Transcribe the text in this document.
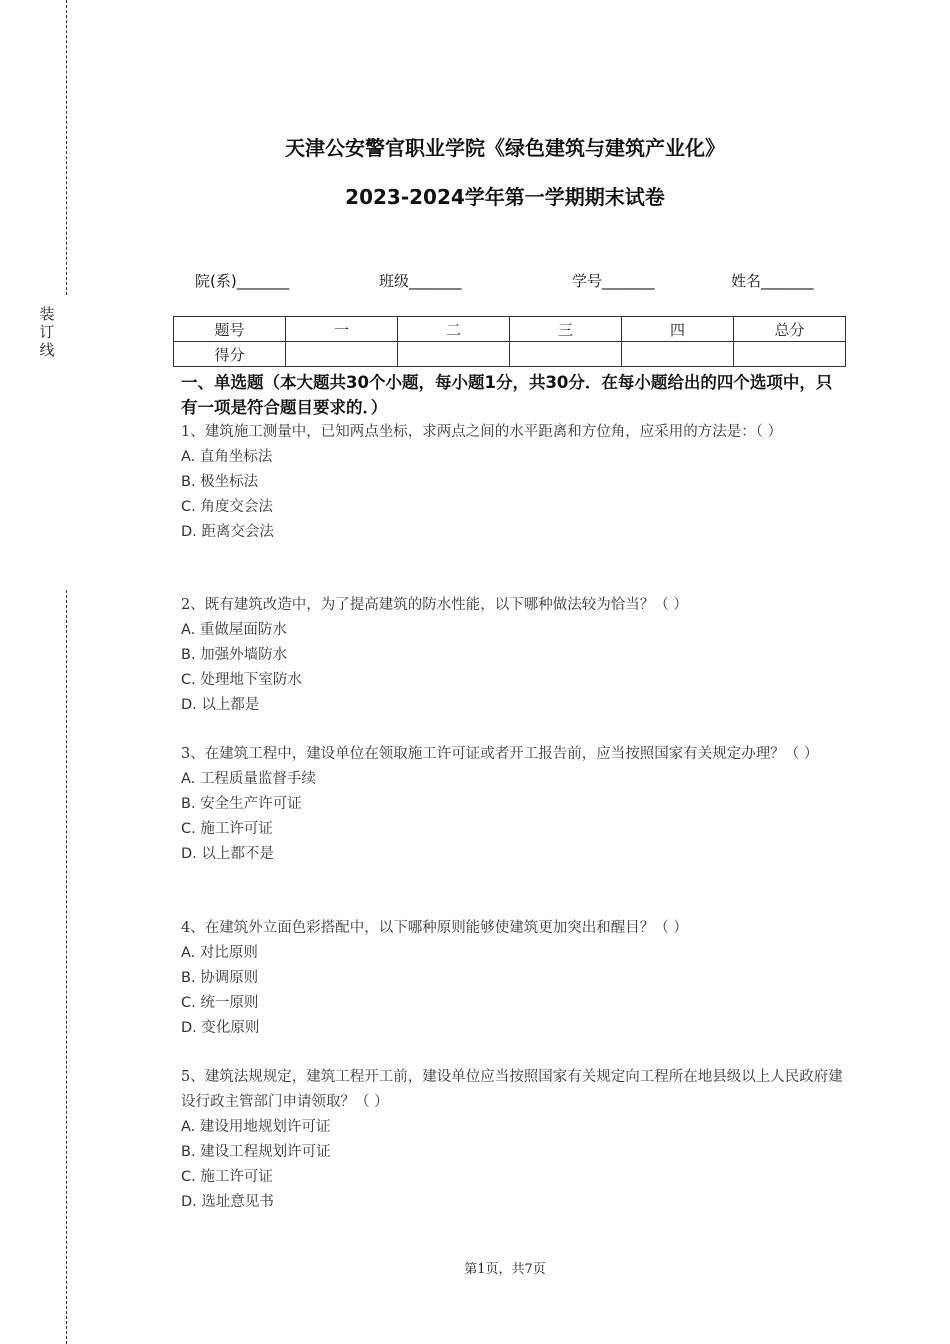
装
订
线
天津公安警官职业学院《绿色建筑与建筑产业化》
2023-2024学年第一学期期末试卷
院(系)_______	班级_______	学号_______	姓名_______
题号	一	二	三	四	总分
得分					
一、单选题（本大题共30个小题，每小题1分，共30分．在每小题给出的四个选项中，只有一项是符合题目要求的．）
1、建筑施工测量中，已知两点坐标，求两点之间的水平距离和方位角，应采用的方法是：（ ）
A. 直角坐标法
B. 极坐标法
C. 角度交会法
D. 距离交会法
2、既有建筑改造中，为了提高建筑的防水性能，以下哪种做法较为恰当？（ ）
A. 重做屋面防水
B. 加强外墙防水
C. 处理地下室防水
D. 以上都是
3、在建筑工程中，建设单位在领取施工许可证或者开工报告前，应当按照国家有关规定办理？（ ）
A. 工程质量监督手续
B. 安全生产许可证
C. 施工许可证
D. 以上都不是
4、在建筑外立面色彩搭配中，以下哪种原则能够使建筑更加突出和醒目？（ ）
A. 对比原则
B. 协调原则
C. 统一原则
D. 变化原则
5、建筑法规规定，建筑工程开工前，建设单位应当按照国家有关规定向工程所在地县级以上人民政府建设行政主管部门申请领取？（ ）
A. 建设用地规划许可证
B. 建设工程规划许可证
C. 施工许可证
D. 选址意见书
第1页，共7页
